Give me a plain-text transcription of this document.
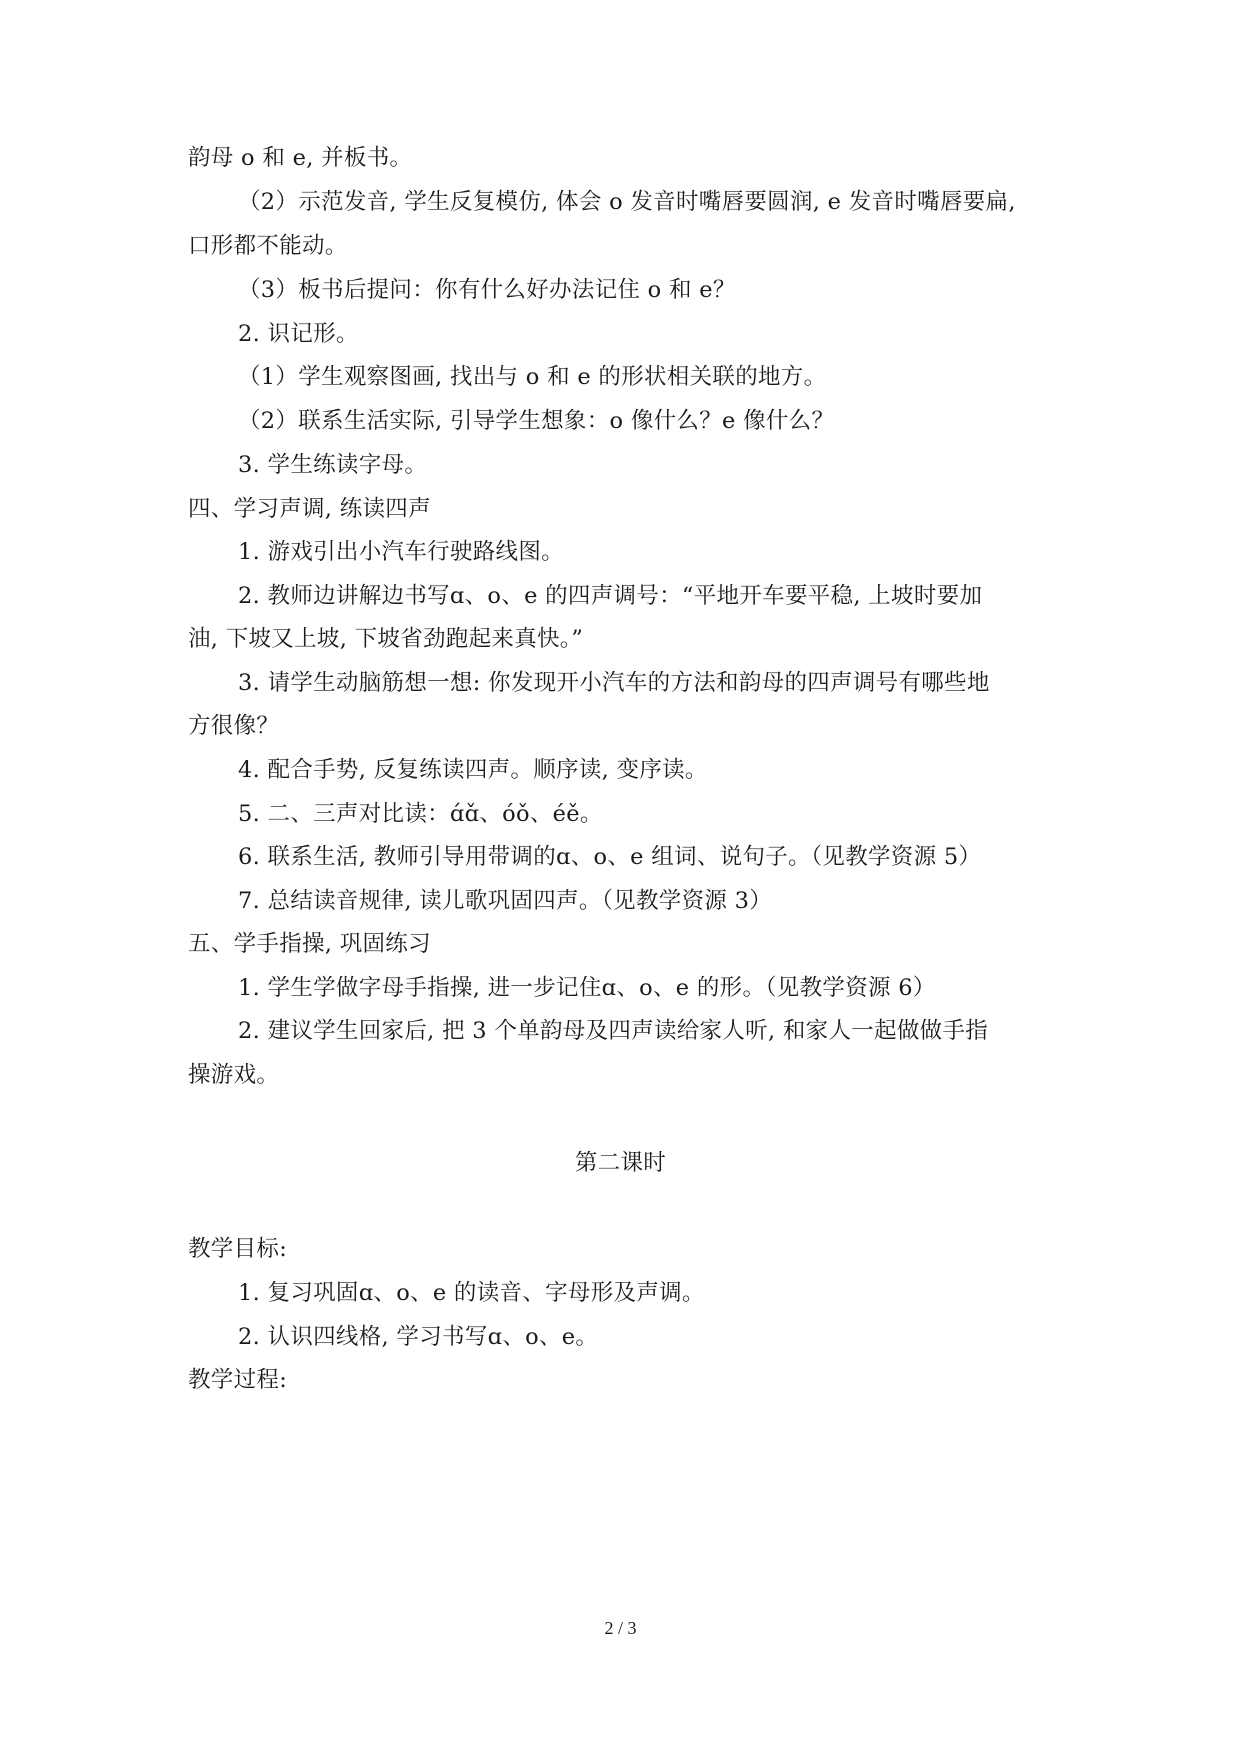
韵母 o 和 e, 并板书。
（2）示范发音, 学生反复模仿, 体会 o 发音时嘴唇要圆润, e 发音时嘴唇要扁,
口形都不能动。
（3）板书后提问：你有什么好办法记住 o 和 e？
2. 识记形。
（1）学生观察图画, 找出与 o 和 e 的形状相关联的地方。
（2）联系生活实际, 引导学生想象：o 像什么？e 像什么？
3. 学生练读字母。
四、学习声调, 练读四声
1. 游戏引出小汽车行驶路线图。
2. 教师边讲解边书写ɑ、o、e 的四声调号：“平地开车要平稳, 上坡时要加
油, 下坡又上坡, 下坡省劲跑起来真快。”
3. 请学生动脑筋想一想: 你发现开小汽车的方法和韵母的四声调号有哪些地
方很像？
4. 配合手势, 反复练读四声。顺序读, 变序读。
5. 二、三声对比读：ɑ́ɑ̌、óǒ、éě。
6. 联系生活, 教师引导用带调的ɑ、o、e 组词、说句子。（见教学资源 5）
7. 总结读音规律, 读儿歌巩固四声。（见教学资源 3）
五、学手指操, 巩固练习
1. 学生学做字母手指操, 进一步记住ɑ、o、e 的形。（见教学资源 6）
2. 建议学生回家后, 把 3 个单韵母及四声读给家人听, 和家人一起做做手指
操游戏。
第二课时
教学目标:
1. 复习巩固ɑ、o、e 的读音、字母形及声调。
2. 认识四线格, 学习书写ɑ、o、e。
教学过程:
2 / 3
